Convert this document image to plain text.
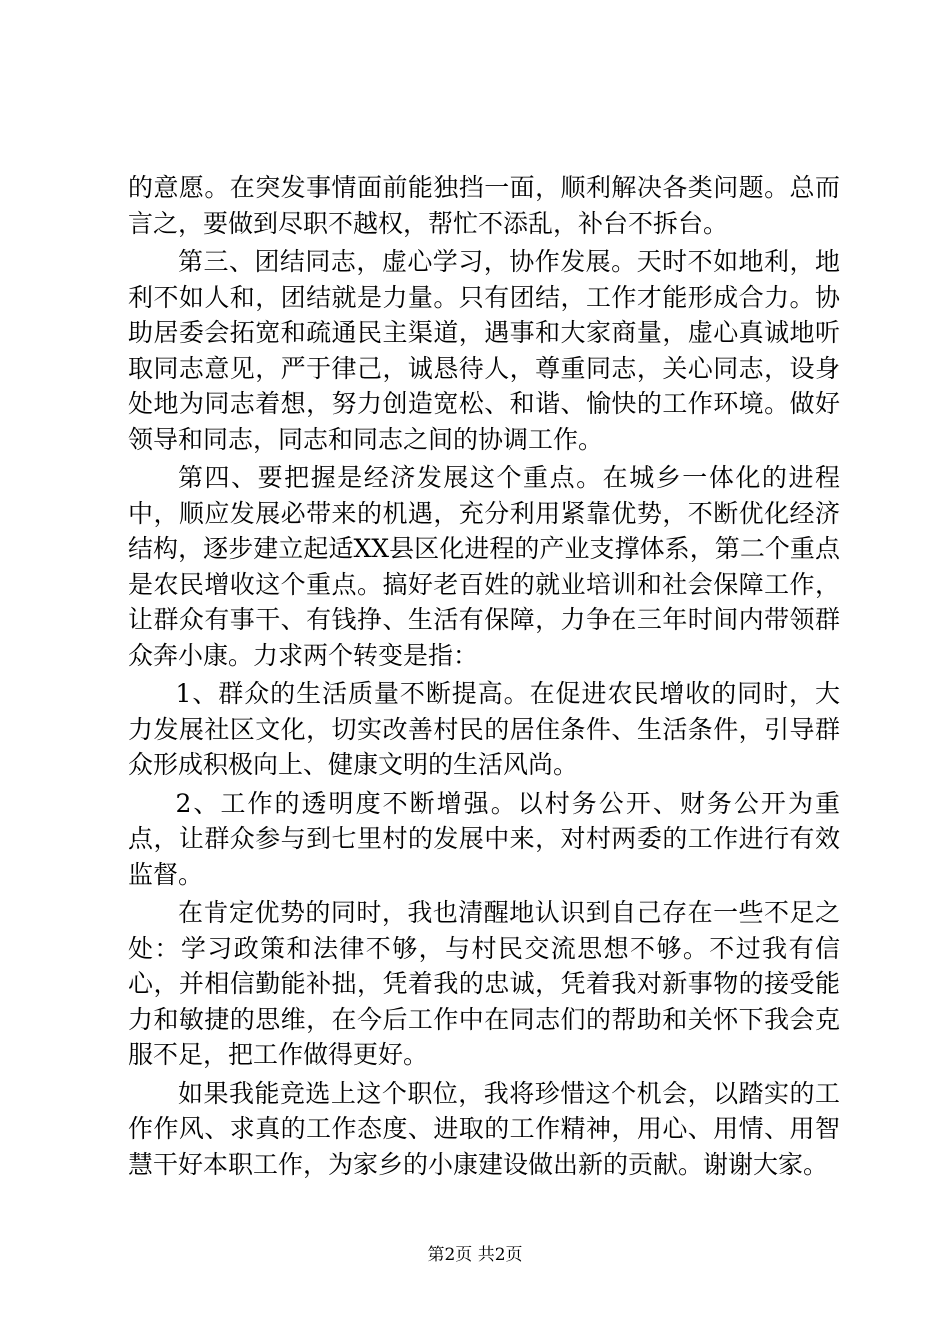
的意愿。在突发事情面前能独挡一面，顺利解决各类问题。总而言之，要做到尽职不越权，帮忙不添乱，补台不拆台。

第三、团结同志，虚心学习，协作发展。天时不如地利，地利不如人和，团结就是力量。只有团结，工作才能形成合力。协助居委会拓宽和疏通民主渠道，遇事和大家商量，虚心真诚地听取同志意见，严于律己，诚恳待人，尊重同志，关心同志，设身处地为同志着想，努力创造宽松、和谐、愉快的工作环境。做好领导和同志，同志和同志之间的协调工作。

第四、要把握是经济发展这个重点。在城乡一体化的进程中，顺应发展必带来的机遇，充分利用紧靠优势，不断优化经济结构，逐步建立起适XX县区化进程的产业支撑体系，第二个重点是农民增收这个重点。搞好老百姓的就业培训和社会保障工作，让群众有事干、有钱挣、生活有保障，力争在三年时间内带领群众奔小康。力求两个转变是指：

1、群众的生活质量不断提高。在促进农民增收的同时，大力发展社区文化，切实改善村民的居住条件、生活条件，引导群众形成积极向上、健康文明的生活风尚。

2、工作的透明度不断增强。以村务公开、财务公开为重点，让群众参与到七里村的发展中来，对村两委的工作进行有效监督。

在肯定优势的同时，我也清醒地认识到自己存在一些不足之处：学习政策和法律不够，与村民交流思想不够。不过我有信心，并相信勤能补拙，凭着我的忠诚，凭着我对新事物的接受能力和敏捷的思维，在今后工作中在同志们的帮助和关怀下我会克服不足，把工作做得更好。

如果我能竞选上这个职位，我将珍惜这个机会，以踏实的工作作风、求真的工作态度、进取的工作精神，用心、用情、用智慧干好本职工作，为家乡的小康建设做出新的贡献。谢谢大家。

第2页 共2页
